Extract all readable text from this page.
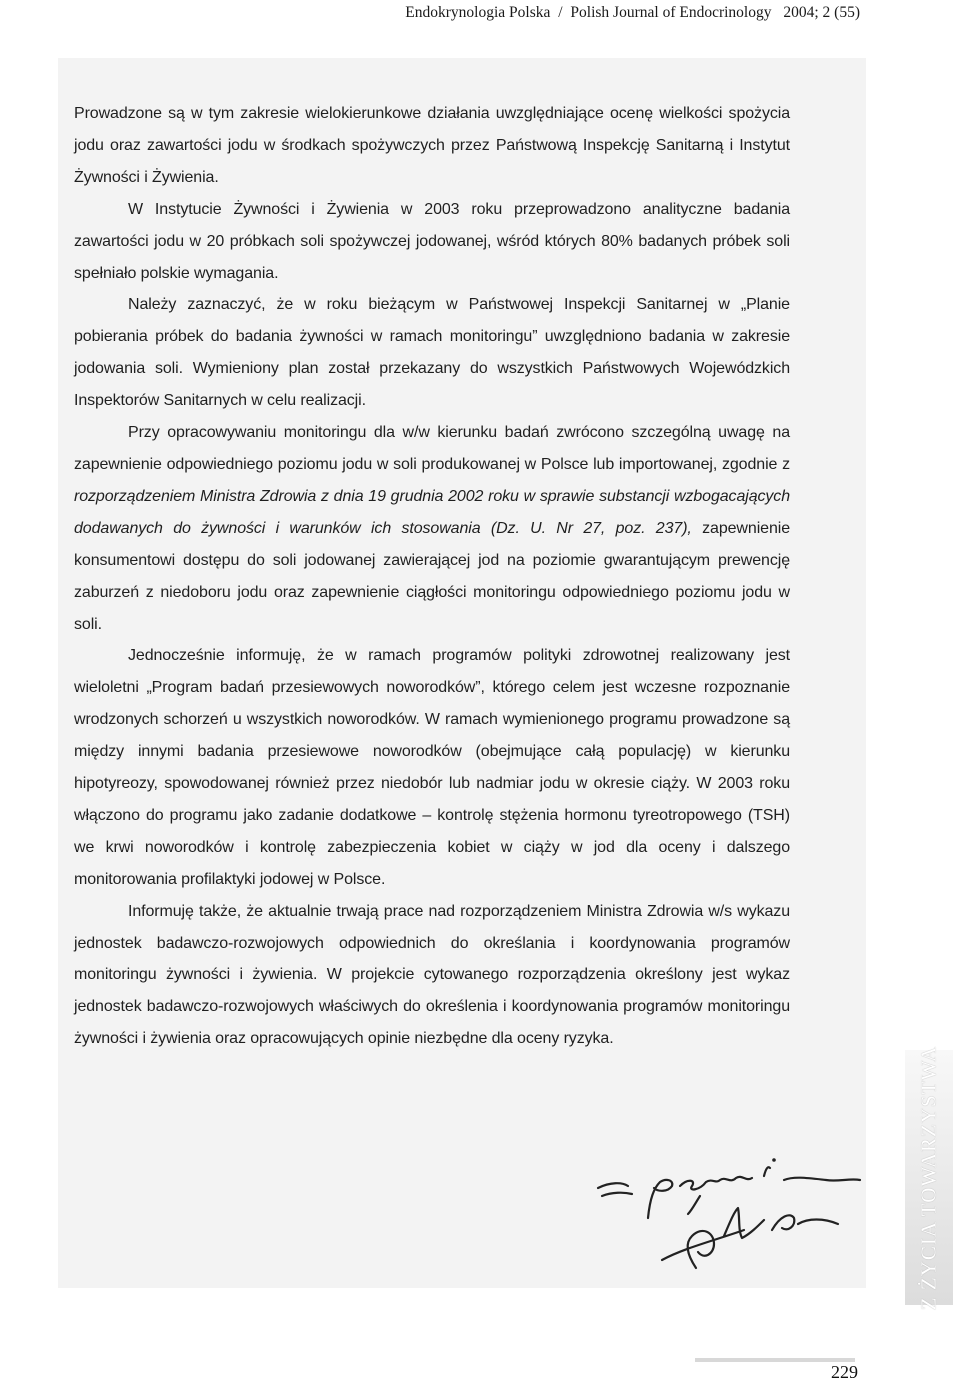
Endokrynologia Polska / Polish Journal of Endocrinology 2004; 2 (55)

Prowadzone są w tym zakresie wielokierunkowe działania uwzględniające ocenę wielkości spożycia jodu oraz zawartości jodu w środkach spożywczych przez Państwową Inspekcję Sanitarną i Instytut Żywności i Żywienia.

W Instytucie Żywności i Żywienia w 2003 roku przeprowadzono analityczne badania zawartości jodu w 20 próbkach soli spożywczej jodowanej, wśród których 80% badanych próbek soli spełniało polskie wymagania.

Należy zaznaczyć, że w roku bieżącym w Państwowej Inspekcji Sanitarnej w „Planie pobierania próbek do badania żywności w ramach monitoringu” uwzględniono badania w zakresie jodowania soli. Wymieniony plan został przekazany do wszystkich Państwowych Wojewódzkich Inspektorów Sanitarnych w celu realizacji.

Przy opracowywaniu monitoringu dla w/w kierunku badań zwrócono szczególną uwagę na zapewnienie odpowiedniego poziomu jodu w soli produkowanej w Polsce lub importowanej, zgodnie z rozporządzeniem Ministra Zdrowia z dnia 19 grudnia 2002 roku w sprawie substancji wzbogacających dodawanych do żywności i warunków ich stosowania (Dz. U. Nr 27, poz. 237), zapewnienie konsumentowi dostępu do soli jodowanej zawierającej jod na poziomie gwarantującym prewencję zaburzeń z niedoboru jodu oraz zapewnienie ciągłości monitoringu odpowiedniego poziomu jodu w soli.

Jednocześnie informuję, że w ramach programów polityki zdrowotnej realizowany jest wieloletni „Program badań przesiewowych noworodków”, którego celem jest wczesne rozpoznanie wrodzonych schorzeń u wszystkich noworodków. W ramach wymienionego programu prowadzone są między innymi badania przesiewowe noworodków (obejmujące całą populację) w kierunku hipotyreozy, spowodowanej również przez niedobór lub nadmiar jodu w okresie ciąży. W 2003 roku włączono do programu jako zadanie dodatkowe – kontrolę stężenia hormonu tyreotropowego (TSH) we krwi noworodków i kontrolę zabezpieczenia kobiet w ciąży w jod dla oceny i dalszego monitorowania profilaktyki jodowej w Polsce.

Informuję także, że aktualnie trwają prace nad rozporządzeniem Ministra Zdrowia w/s wykazu jednostek badawczo-rozwojowych odpowiednich do określania i koordynowania programów monitoringu żywności i żywienia. W projekcie cytowanego rozporządzenia określony jest wykaz jednostek badawczo-rozwojowych właściwych do określenia i koordynowania programów monitoringu żywności i żywienia oraz opracowujących opinie niezbędne dla oceny ryzyka.

Z ŻYCIA TOWARZYSTWA
229
